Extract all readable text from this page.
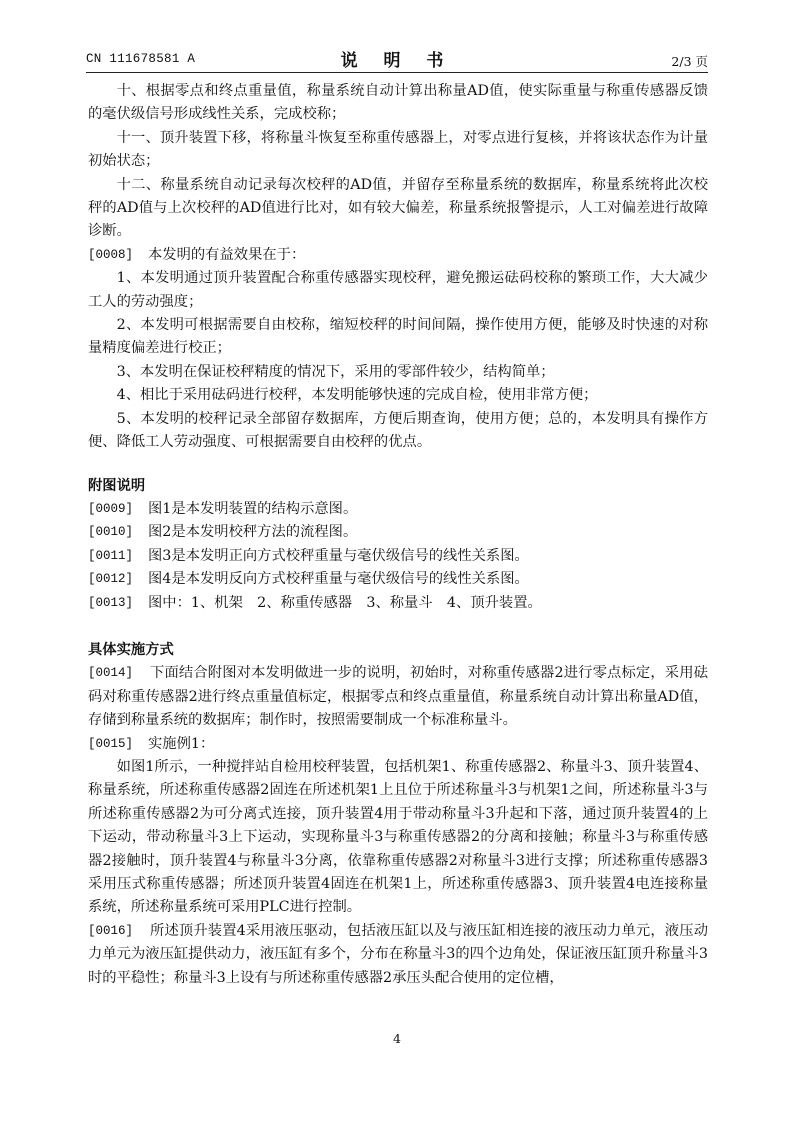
CN 111678581 A	说 明 书	2/3 页

十、根据零点和终点重量值，称量系统自动计算出称量AD值，使实际重量与称重传感器反馈的毫伏级信号形成线性关系，完成校称；

十一、顶升装置下移，将称量斗恢复至称重传感器上，对零点进行复核，并将该状态作为计量初始状态；

十二、称量系统自动记录每次校秤的AD值，并留存至称量系统的数据库，称量系统将此次校秤的AD值与上次校秤的AD值进行比对，如有较大偏差，称量系统报警提示，人工对偏差进行故障诊断。

[0008] 本发明的有益效果在于：

1、本发明通过顶升装置配合称重传感器实现校秤，避免搬运砝码校称的繁琐工作，大大减少工人的劳动强度；

2、本发明可根据需要自由校称，缩短校秤的时间间隔，操作使用方便，能够及时快速的对称量精度偏差进行校正；

3、本发明在保证校秤精度的情况下，采用的零部件较少，结构简单；

4、相比于采用砝码进行校秤，本发明能够快速的完成自检，使用非常方便；

5、本发明的校秤记录全部留存数据库，方便后期查询，使用方便；总的，本发明具有操作方便、降低工人劳动强度、可根据需要自由校秤的优点。

附图说明

[0009] 图1是本发明装置的结构示意图。

[0010] 图2是本发明校秤方法的流程图。

[0011] 图3是本发明正向方式校秤重量与毫伏级信号的线性关系图。

[0012] 图4是本发明反向方式校秤重量与毫伏级信号的线性关系图。

[0013] 图中：1、机架　2、称重传感器　3、称量斗　4、顶升装置。

具体实施方式

[0014] 下面结合附图对本发明做进一步的说明，初始时，对称重传感器2进行零点标定，采用砝码对称重传感器2进行终点重量值标定，根据零点和终点重量值，称量系统自动计算出称量AD值，存储到称量系统的数据库；制作时，按照需要制成一个标准称量斗。

[0015] 实施例1：

如图1所示，一种搅拌站自检用校秤装置，包括机架1、称重传感器2、称量斗3、顶升装置4、称量系统，所述称重传感器2固连在所述机架1上且位于所述称量斗3与机架1之间，所述称量斗3与所述称重传感器2为可分离式连接，顶升装置4用于带动称量斗3升起和下落，通过顶升装置4的上下运动，带动称量斗3上下运动，实现称量斗3与称重传感器2的分离和接触；称量斗3与称重传感器2接触时，顶升装置4与称量斗3分离，依靠称重传感器2对称量斗3进行支撑；所述称重传感器3采用压式称重传感器；所述顶升装置4固连在机架1上，所述称重传感器3、顶升装置4电连接称量系统，所述称量系统可采用PLC进行控制。

[0016] 所述顶升装置4采用液压驱动，包括液压缸以及与液压缸相连接的液压动力单元，液压动力单元为液压缸提供动力，液压缸有多个，分布在称量斗3的四个边角处，保证液压缸顶升称量斗3时的平稳性；称量斗3上设有与所述称重传感器2承压头配合使用的定位槽，

4
